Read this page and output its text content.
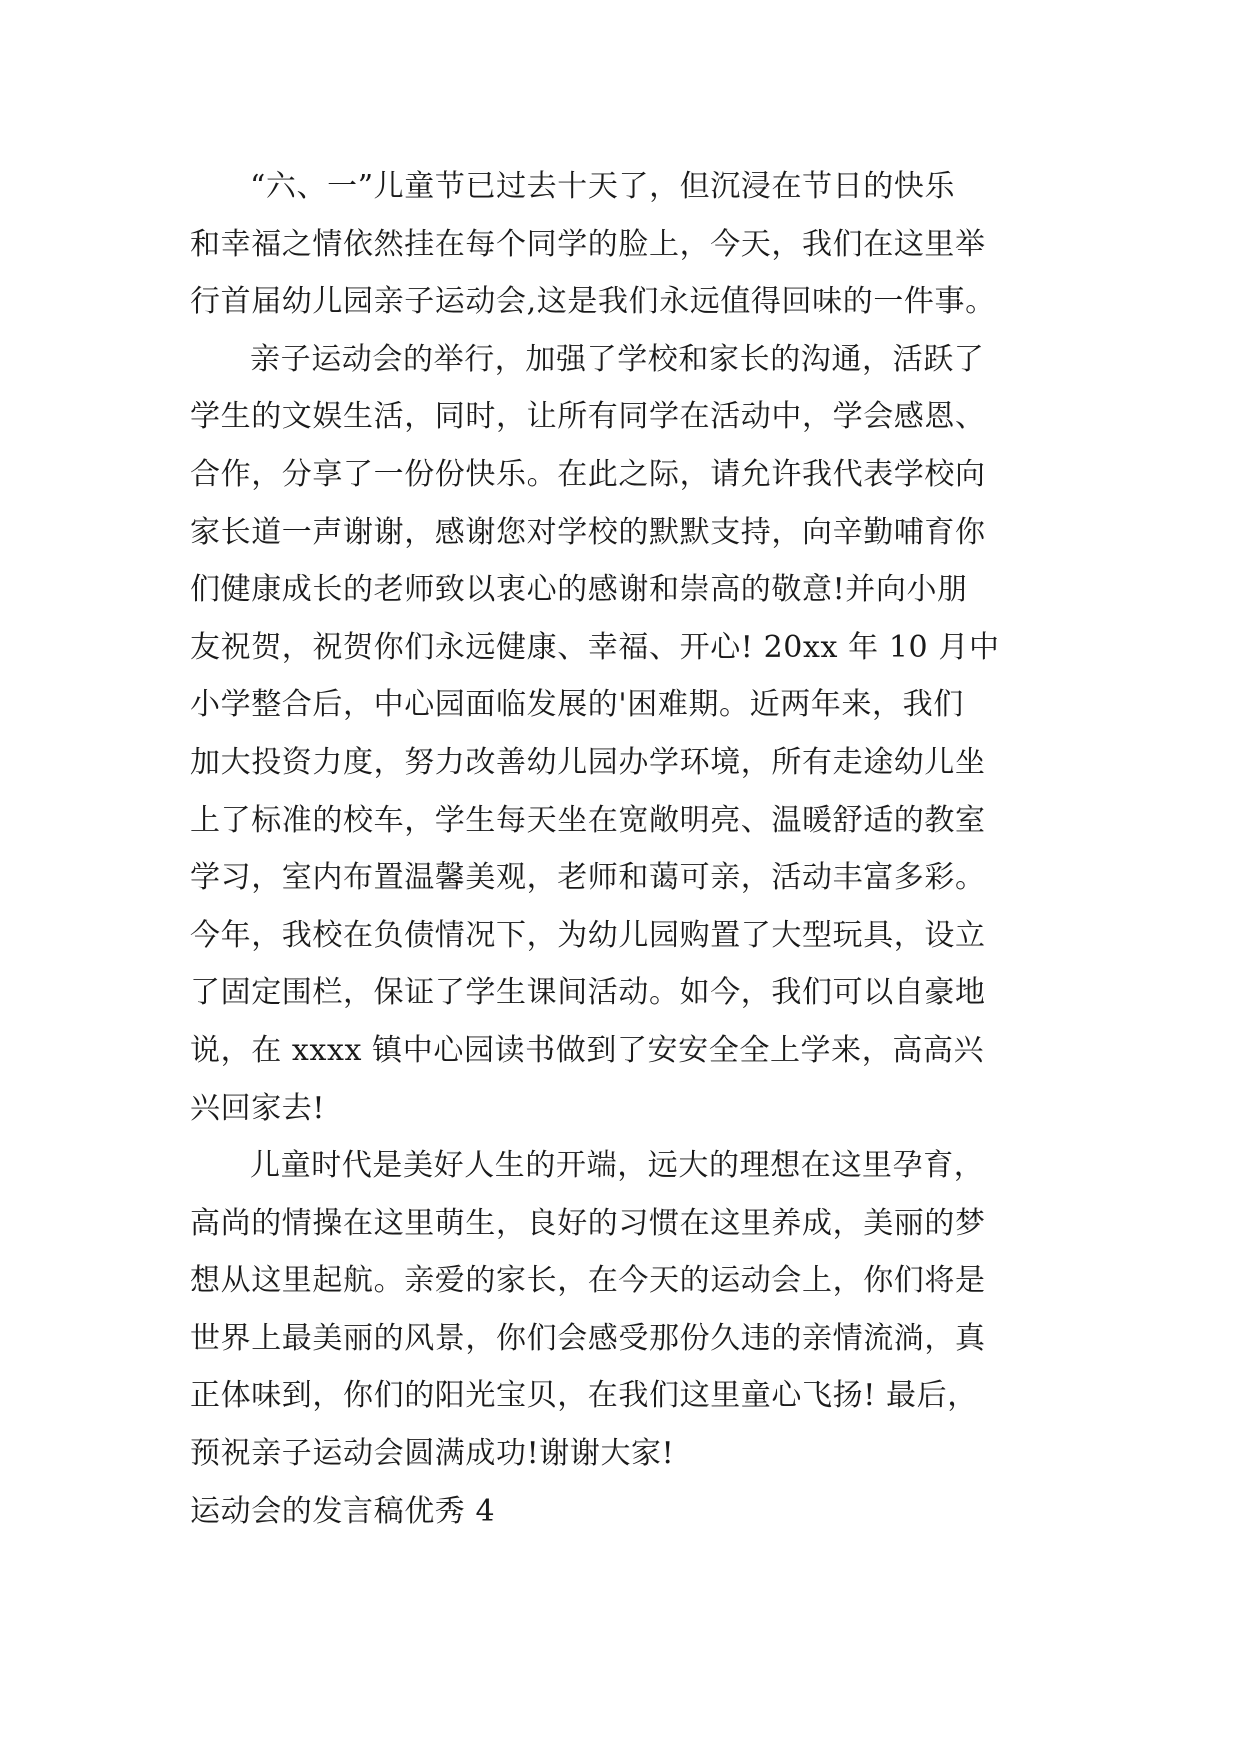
“六、一”儿童节已过去十天了，但沉浸在节日的快乐
和幸福之情依然挂在每个同学的脸上，今天，我们在这里举
行首届幼儿园亲子运动会,这是我们永远值得回味的一件事。
亲子运动会的举行，加强了学校和家长的沟通，活跃了
学生的文娱生活，同时，让所有同学在活动中，学会感恩、
合作，分享了一份份快乐。在此之际，请允许我代表学校向
家长道一声谢谢，感谢您对学校的默默支持，向辛勤哺育你
们健康成长的老师致以衷心的感谢和崇高的敬意!并向小朋
友祝贺，祝贺你们永远健康、幸福、开心! 20xx 年 10 月中
小学整合后，中心园面临发展的'困难期。近两年来，我们
加大投资力度，努力改善幼儿园办学环境，所有走途幼儿坐
上了标准的校车，学生每天坐在宽敞明亮、温暖舒适的教室
学习，室内布置温馨美观，老师和蔼可亲，活动丰富多彩。
今年，我校在负债情况下，为幼儿园购置了大型玩具，设立
了固定围栏，保证了学生课间活动。如今，我们可以自豪地
说，在 xxxx 镇中心园读书做到了安安全全上学来，高高兴
兴回家去!
儿童时代是美好人生的开端，远大的理想在这里孕育，
高尚的情操在这里萌生，良好的习惯在这里养成，美丽的梦
想从这里起航。亲爱的家长，在今天的运动会上，你们将是
世界上最美丽的风景，你们会感受那份久违的亲情流淌，真
正体味到，你们的阳光宝贝，在我们这里童心飞扬! 最后，
预祝亲子运动会圆满成功!谢谢大家!
运动会的发言稿优秀 4
